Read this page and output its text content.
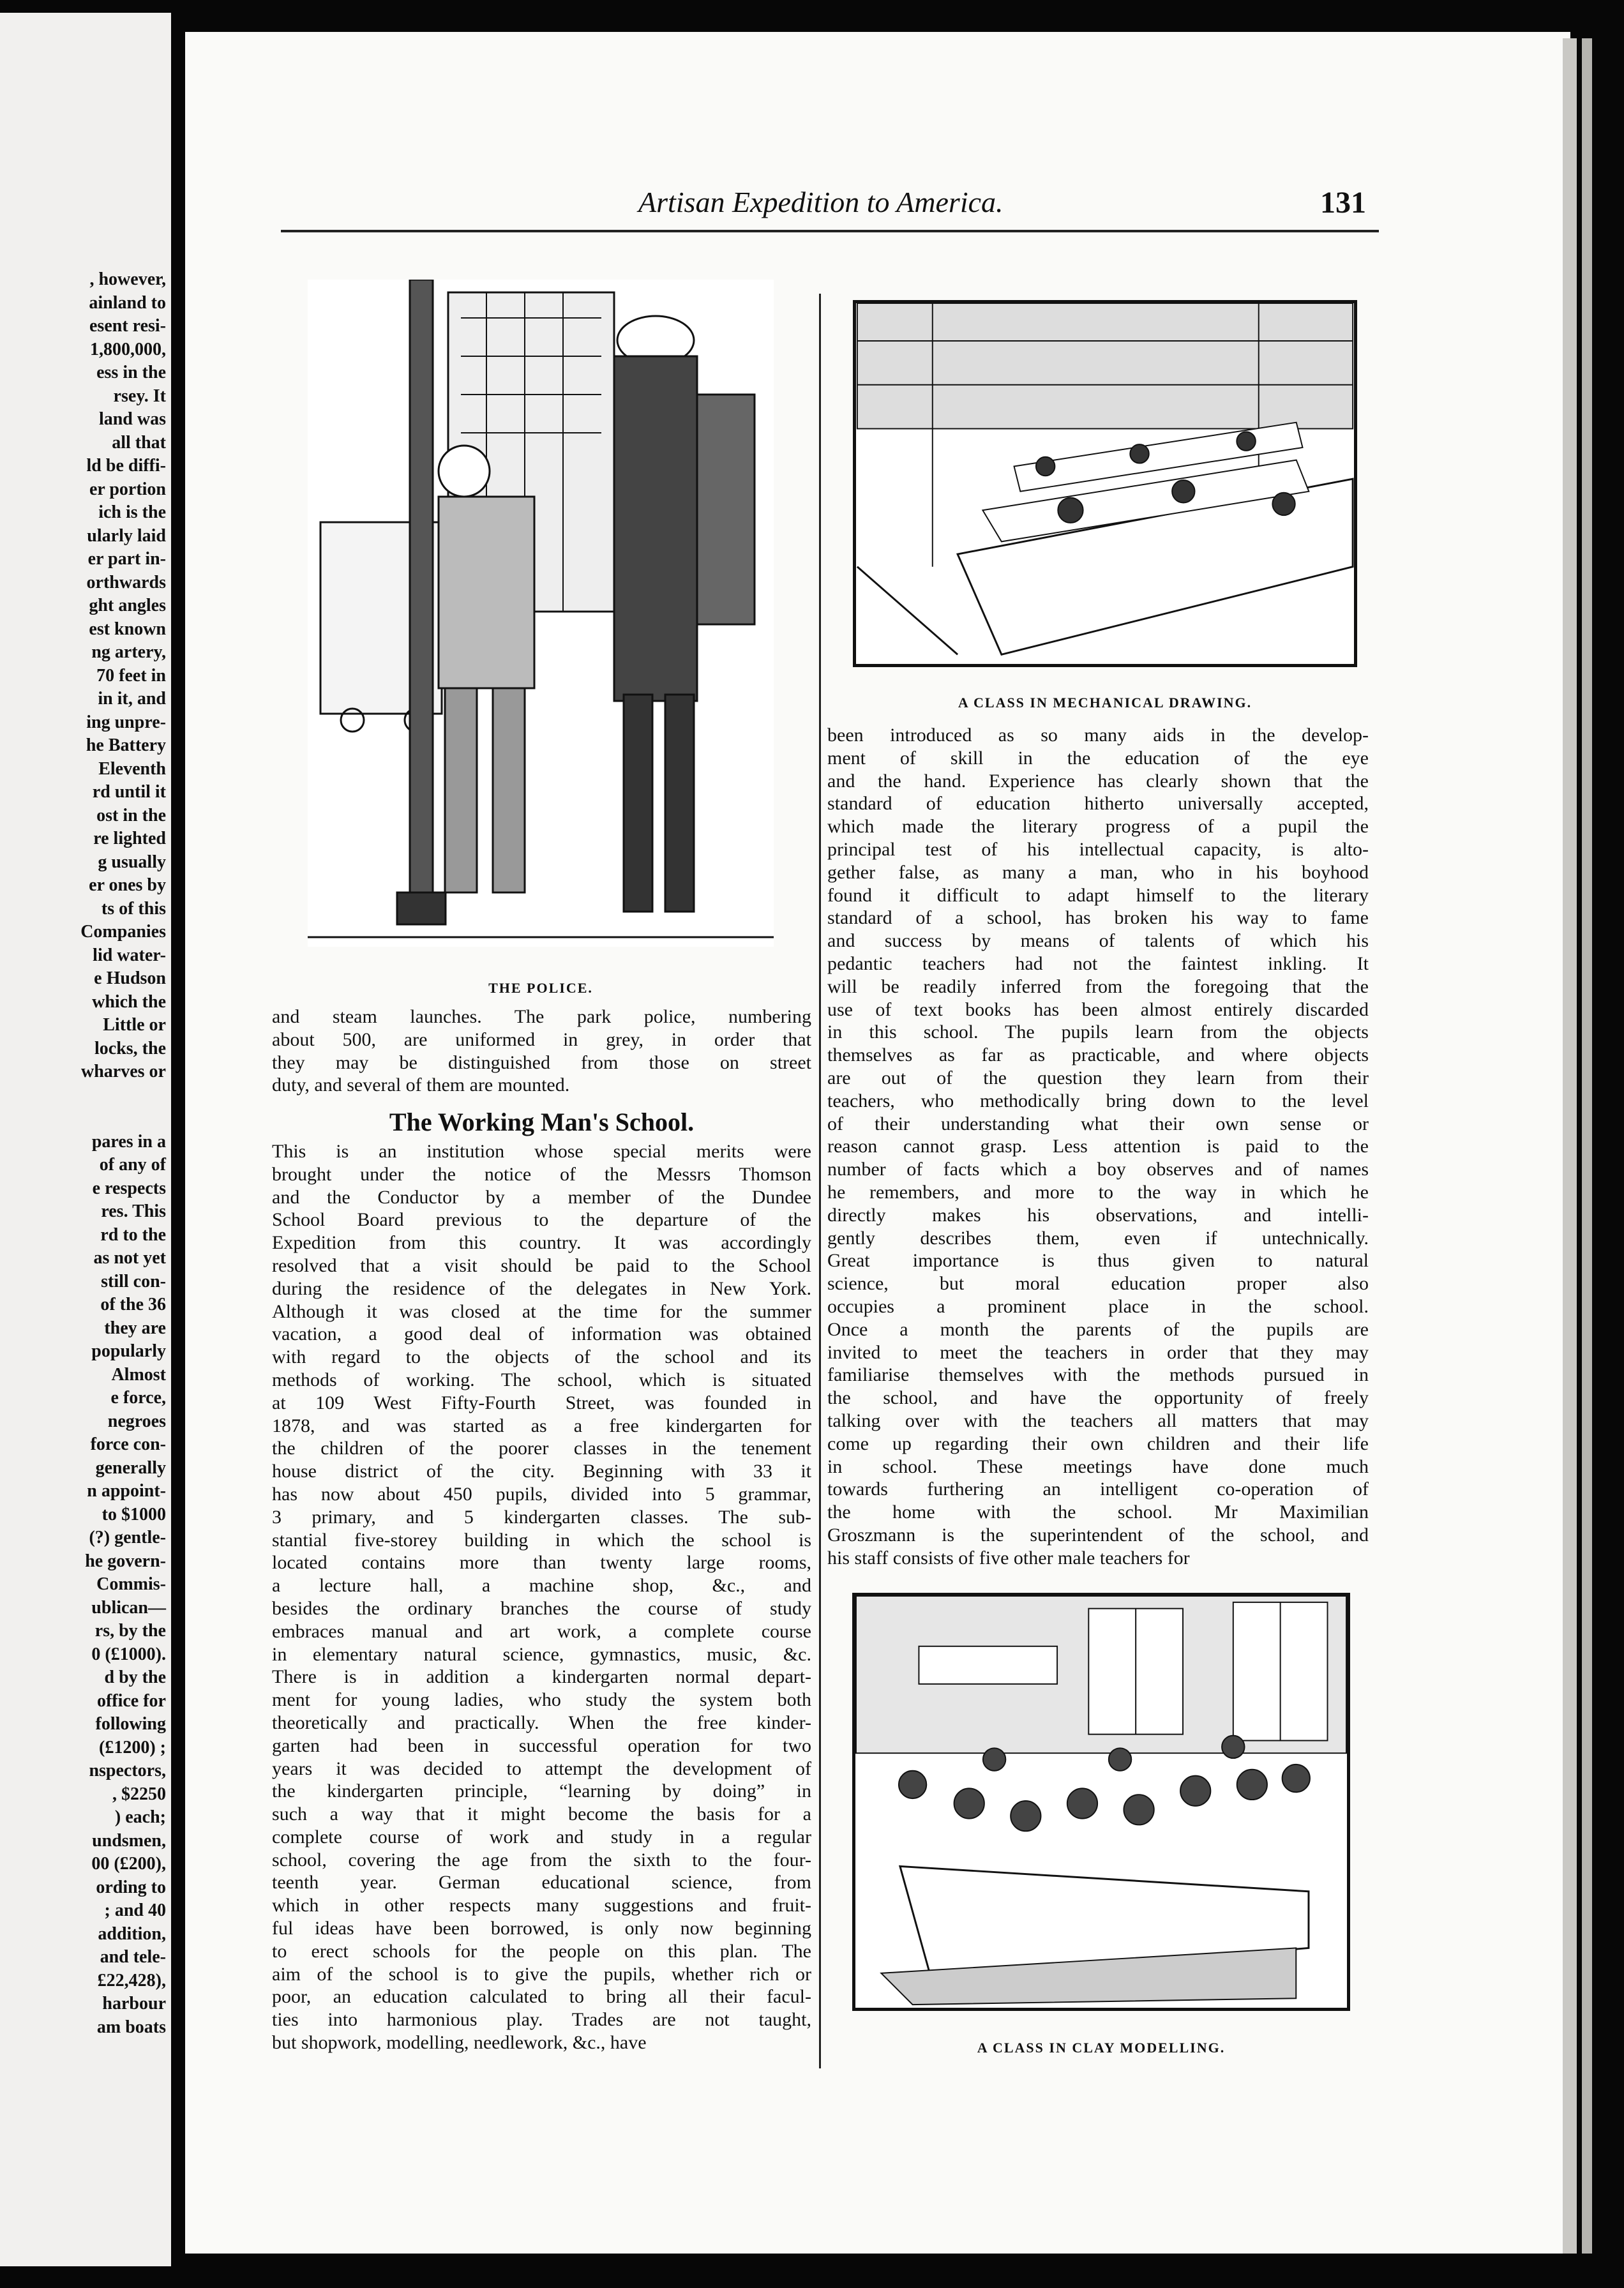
, however,
ainland to
esent resi-
1,800,000,
ess in the
rsey. It
land was
all that
ld be diffi-
er portion
ich is the
ularly laid
er part in-
orthwards
ght angles
est known
ng artery,
70 feet in
in it, and
ing unpre-
he Battery
Eleventh
rd until it
ost in the
re lighted
g usually
er ones by
ts of this
Companies
lid water-
e Hudson
which the
Little or
locks, the
wharves or
pares in a
of any of
e respects
res. This
rd to the
as not yet
still con-
of the 36
they are
popularly
Almost
e force,
negroes
force con-
generally
n appoint-
to $1000
(?) gentle-
he govern-
Commis-
ublican—
rs, by the
0 (£1000).
d by the
office for
following
(£1200) ;
nspectors,
, $2250
) each;
undsmen,
00 (£200),
ording to
; and 40
addition,
and tele-
£22,428),
harbour
am boats
Artisan Expedition to America.	131
THE POLICE.
A CLASS IN MECHANICAL DRAWING.
A CLASS IN CLAY MODELLING.
and steam launches. The park police, numbering
about 500, are uniformed in grey, in order that
they may be distinguished from those on street
duty, and several of them are mounted.
The Working Man's School.
This is an institution whose special merits were
brought under the notice of the Messrs Thomson
and the Conductor by a member of the Dundee
School Board previous to the departure of the
Expedition from this country. It was accordingly
resolved that a visit should be paid to the School
during the residence of the delegates in New York.
Although it was closed at the time for the summer
vacation, a good deal of information was obtained
with regard to the objects of the school and its
methods of working. The school, which is situated
at 109 West Fifty-Fourth Street, was founded in
1878, and was started as a free kindergarten for
the children of the poorer classes in the tenement
house district of the city. Beginning with 33 it
has now about 450 pupils, divided into 5 grammar,
3 primary, and 5 kindergarten classes. The sub-
stantial five-storey building in which the school is
located contains more than twenty large rooms,
a lecture hall, a machine shop, &c., and
besides the ordinary branches the course of study
embraces manual and art work, a complete course
in elementary natural science, gymnastics, music, &c.
There is in addition a kindergarten normal depart-
ment for young ladies, who study the system both
theoretically and practically. When the free kinder-
garten had been in successful operation for two
years it was decided to attempt the development of
the kindergarten principle, “learning by doing” in
such a way that it might become the basis for a
complete course of work and study in a regular
school, covering the age from the sixth to the four-
teenth year. German educational science, from
which in other respects many suggestions and fruit-
ful ideas have been borrowed, is only now beginning
to erect schools for the people on this plan. The
aim of the school is to give the pupils, whether rich or
poor, an education calculated to bring all their facul-
ties into harmonious play. Trades are not taught,
but shopwork, modelling, needlework, &c., have
been introduced as so many aids in the develop-
ment of skill in the education of the eye
and the hand. Experience has clearly shown that the
standard of education hitherto universally accepted,
which made the literary progress of a pupil the
principal test of his intellectual capacity, is alto-
gether false, as many a man, who in his boyhood
found it difficult to adapt himself to the literary
standard of a school, has broken his way to fame
and success by means of talents of which his
pedantic teachers had not the faintest inkling. It
will be readily inferred from the foregoing that the
use of text books has been almost entirely discarded
in this school. The pupils learn from the objects
themselves as far as practicable, and where objects
are out of the question they learn from their
teachers, who methodically bring down to the level
of their understanding what their own sense or
reason cannot grasp. Less attention is paid to the
number of facts which a boy observes and of names
he remembers, and more to the way in which he
directly makes his observations, and intelli-
gently describes them, even if untechnically.
Great importance is thus given to natural
science, but moral education proper also
occupies a prominent place in the school.
Once a month the parents of the pupils are
invited to meet the teachers in order that they may
familiarise themselves with the methods pursued in
the school, and have the opportunity of freely
talking over with the teachers all matters that may
come up regarding their own children and their life
in school. These meetings have done much
towards furthering an intelligent co-operation of
the home with the school. Mr Maximilian
Groszmann is the superintendent of the school, and
his staff consists of five other male teachers for
